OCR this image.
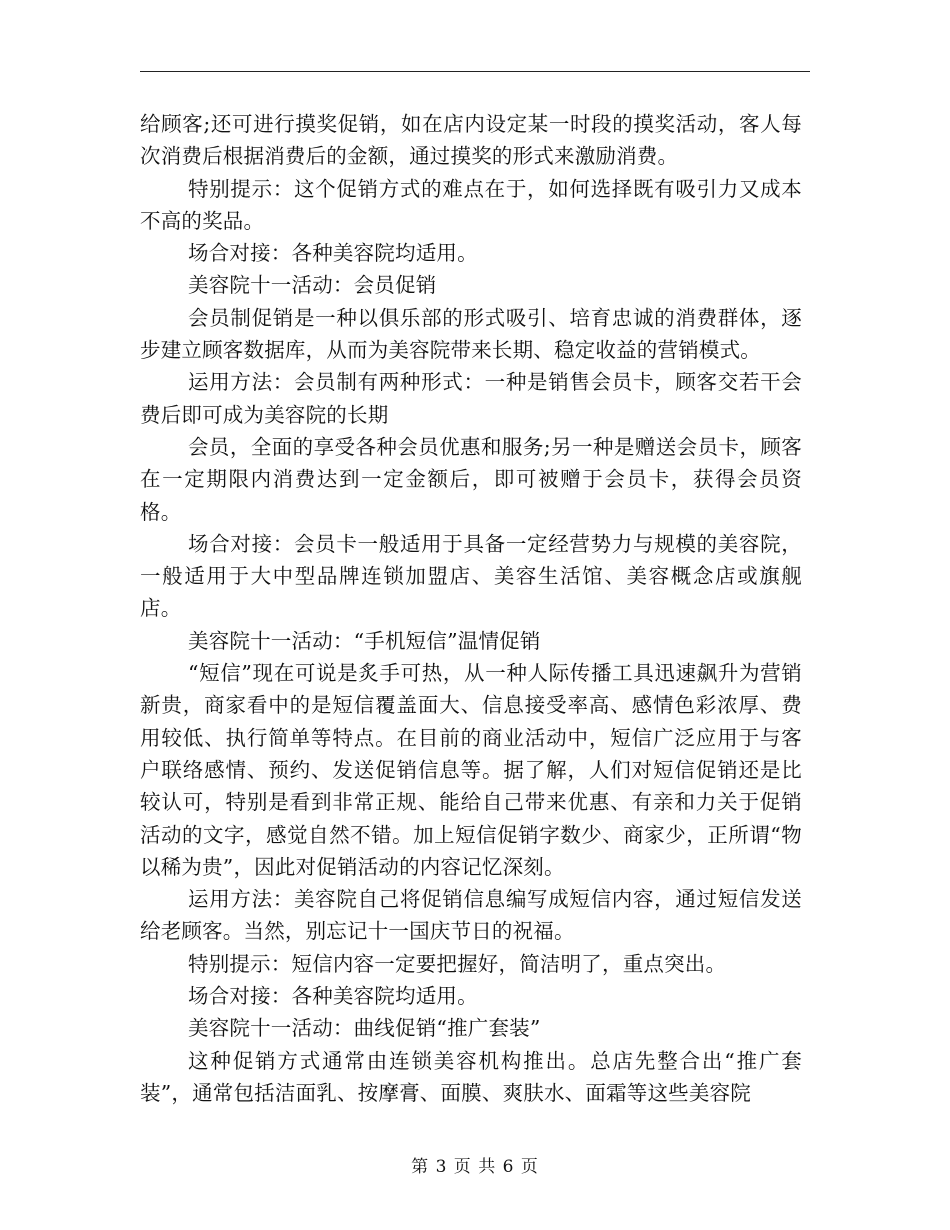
给顾客;还可进行摸奖促销，如在店内设定某一时段的摸奖活动，客人每次消费后根据消费后的金额，通过摸奖的形式来激励消费。

特别提示：这个促销方式的难点在于，如何选择既有吸引力又成本不高的奖品。

场合对接：各种美容院均适用。

美容院十一活动：会员促销

会员制促销是一种以俱乐部的形式吸引、培育忠诚的消费群体，逐步建立顾客数据库，从而为美容院带来长期、稳定收益的营销模式。

运用方法：会员制有两种形式：一种是销售会员卡，顾客交若干会费后即可成为美容院的长期

会员，全面的享受各种会员优惠和服务;另一种是赠送会员卡，顾客在一定期限内消费达到一定金额后，即可被赠于会员卡，获得会员资格。

场合对接：会员卡一般适用于具备一定经营势力与规模的美容院，一般适用于大中型品牌连锁加盟店、美容生活馆、美容概念店或旗舰店。

美容院十一活动：“手机短信”温情促销

“短信”现在可说是炙手可热，从一种人际传播工具迅速飙升为营销新贵，商家看中的是短信覆盖面大、信息接受率高、感情色彩浓厚、费用较低、执行简单等特点。在目前的商业活动中，短信广泛应用于与客户联络感情、预约、发送促销信息等。据了解，人们对短信促销还是比较认可，特别是看到非常正规、能给自己带来优惠、有亲和力关于促销活动的文字，感觉自然不错。加上短信促销字数少、商家少，正所谓“物以稀为贵”，因此对促销活动的内容记忆深刻。

运用方法：美容院自己将促销信息编写成短信内容，通过短信发送给老顾客。当然，别忘记十一国庆节日的祝福。

特别提示：短信内容一定要把握好，简洁明了，重点突出。

场合对接：各种美容院均适用。

美容院十一活动：曲线促销“推广套装”

这种促销方式通常由连锁美容机构推出。总店先整合出“推广套装”，通常包括洁面乳、按摩膏、面膜、爽肤水、面霜等这些美容院

第 3 页 共 6 页
